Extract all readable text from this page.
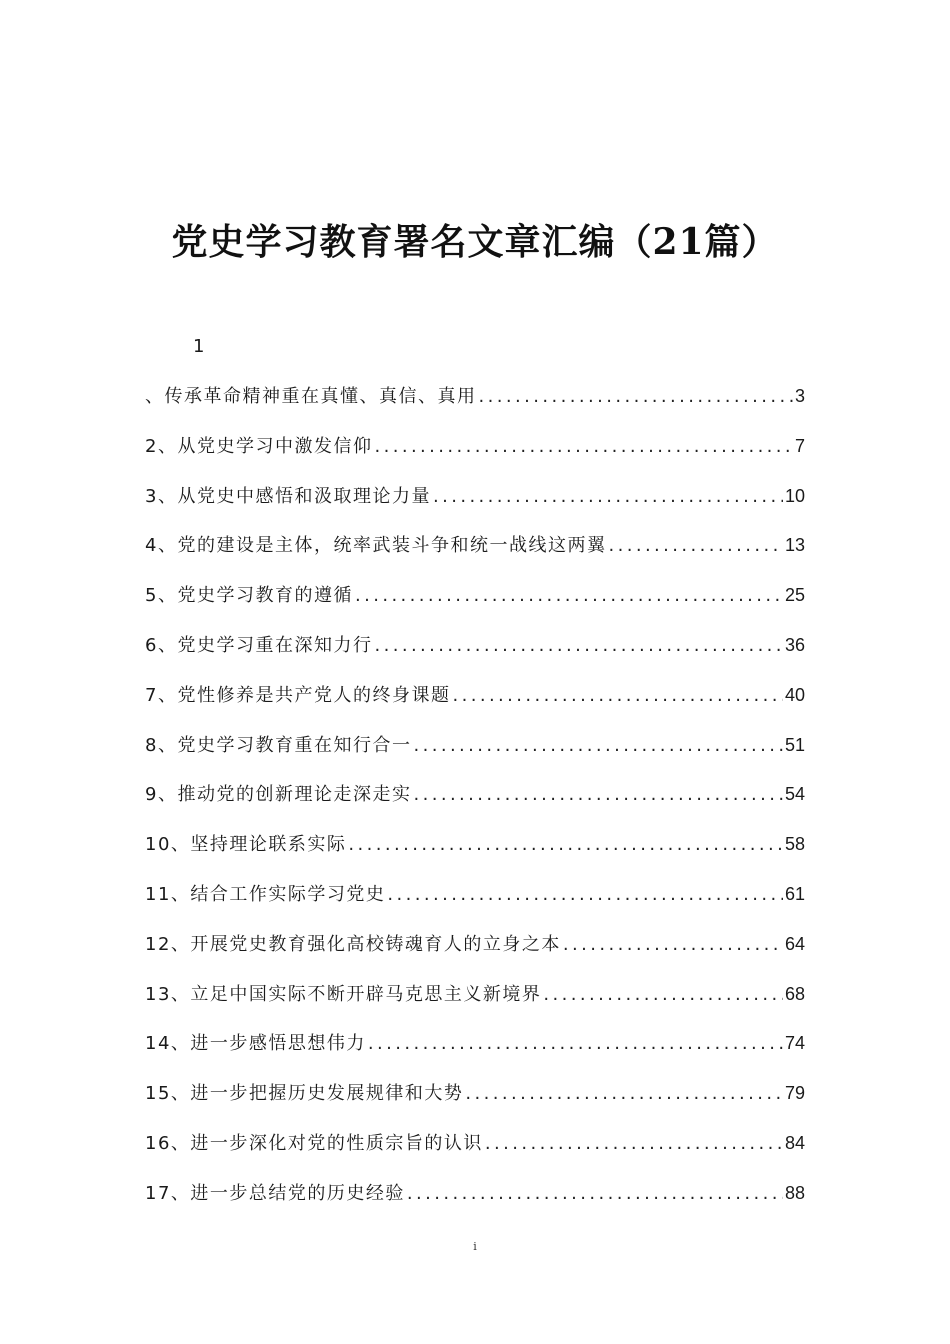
党史学习教育署名文章汇编（21篇）
1
、传承革命精神重在真懂、真信、真用 .....	3
2、从党史学习中激发信仰 .....	7
3、从党史中感悟和汲取理论力量 .....	10
4、党的建设是主体，统率武装斗争和统一战线这两翼 .....	13
5、党史学习教育的遵循 .....	25
6、党史学习重在深知力行 .....	36
7、党性修养是共产党人的终身课题 .....	40
8、党史学习教育重在知行合一 .....	51
9、推动党的创新理论走深走实 .....	54
10、坚持理论联系实际 .....	58
11、结合工作实际学习党史 .....	61
12、开展党史教育强化高校铸魂育人的立身之本 .....	64
13、立足中国实际不断开辟马克思主义新境界 .....	68
14、进一步感悟思想伟力 .....	74
15、进一步把握历史发展规律和大势 .....	79
16、进一步深化对党的性质宗旨的认识 .....	84
17、进一步总结党的历史经验 .....	88
i
